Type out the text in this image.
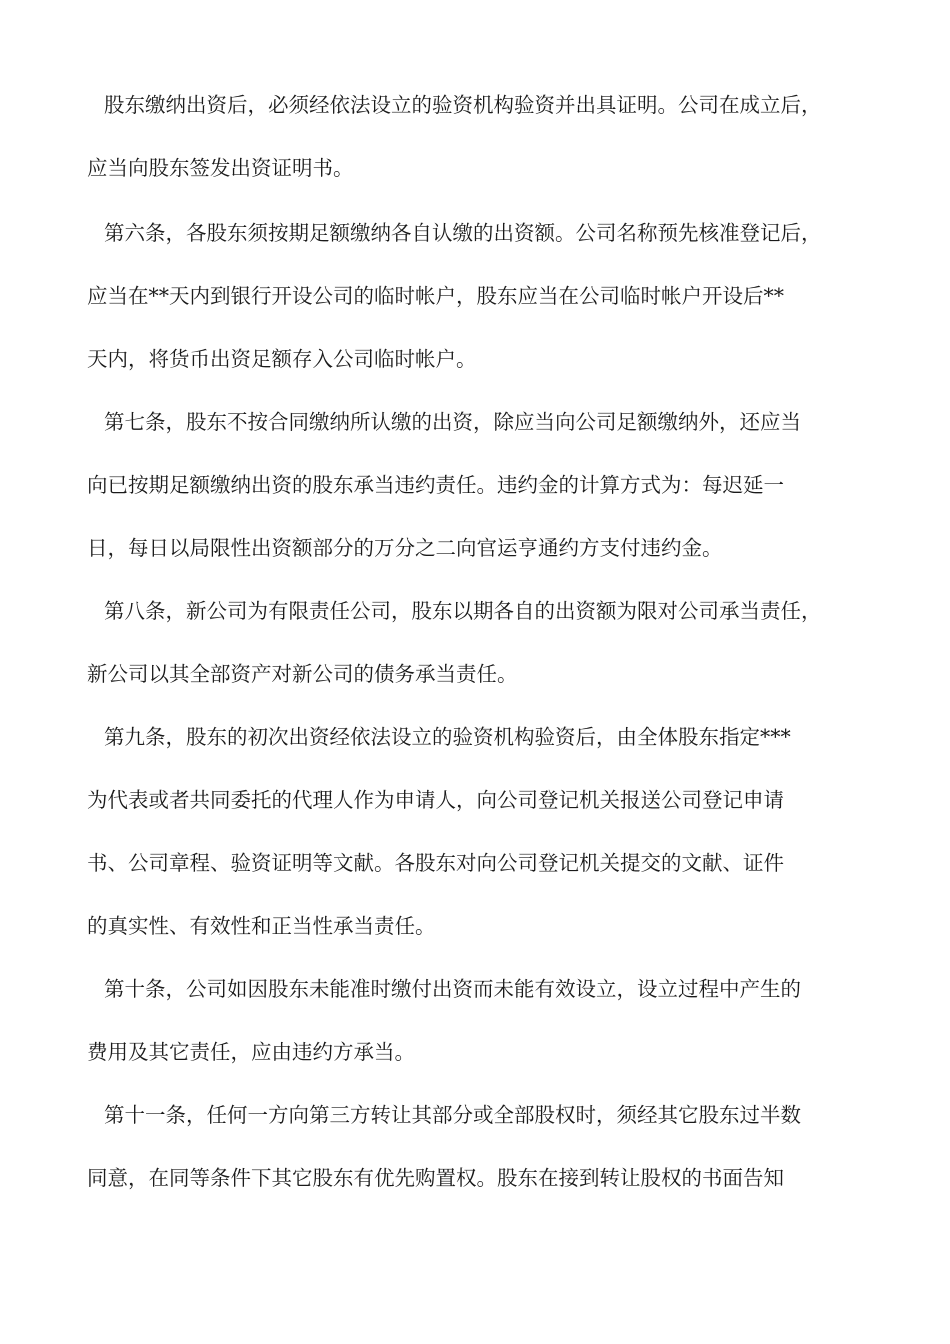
股东缴纳出资后，必须经依法设立的验资机构验资并出具证明。公司在成立后，
应当向股东签发出资证明书。
第六条，各股东须按期足额缴纳各自认缴的出资额。公司名称预先核准登记后，
应当在**天内到银行开设公司的临时帐户，股东应当在公司临时帐户开设后**
天内，将货币出资足额存入公司临时帐户。
第七条，股东不按合同缴纳所认缴的出资，除应当向公司足额缴纳外，还应当
向已按期足额缴纳出资的股东承当违约责任。违约金的计算方式为：每迟延一
日，每日以局限性出资额部分的万分之二向官运亨通约方支付违约金。
第八条，新公司为有限责任公司，股东以期各自的出资额为限对公司承当责任，
新公司以其全部资产对新公司的债务承当责任。
第九条，股东的初次出资经依法设立的验资机构验资后，由全体股东指定***
为代表或者共同委托的代理人作为申请人，向公司登记机关报送公司登记申请
书、公司章程、验资证明等文献。各股东对向公司登记机关提交的文献、证件
的真实性、有效性和正当性承当责任。
第十条，公司如因股东未能准时缴付出资而未能有效设立，设立过程中产生的
费用及其它责任，应由违约方承当。
第十一条，任何一方向第三方转让其部分或全部股权时，须经其它股东过半数
同意，在同等条件下其它股东有优先购置权。股东在接到转让股权的书面告知
